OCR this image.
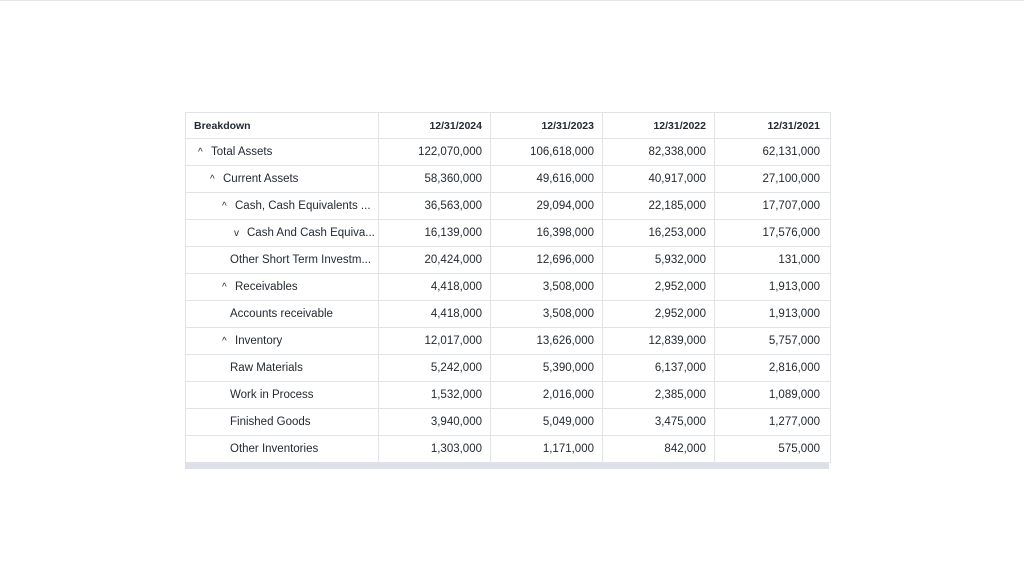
Breakdown	12/31/2024	12/31/2023	12/31/2022	12/31/2021
^ Total Assets	122,070,000	106,618,000	82,338,000	62,131,000
^ Current Assets	58,360,000	49,616,000	40,917,000	27,100,000
^ Cash, Cash Equivalents ...	36,563,000	29,094,000	22,185,000	17,707,000
v Cash And Cash Equiva...	16,139,000	16,398,000	16,253,000	17,576,000
Other Short Term Investm...	20,424,000	12,696,000	5,932,000	131,000
^ Receivables	4,418,000	3,508,000	2,952,000	1,913,000
Accounts receivable	4,418,000	3,508,000	2,952,000	1,913,000
^ Inventory	12,017,000	13,626,000	12,839,000	5,757,000
Raw Materials	5,242,000	5,390,000	6,137,000	2,816,000
Work in Process	1,532,000	2,016,000	2,385,000	1,089,000
Finished Goods	3,940,000	5,049,000	3,475,000	1,277,000
Other Inventories	1,303,000	1,171,000	842,000	575,000
